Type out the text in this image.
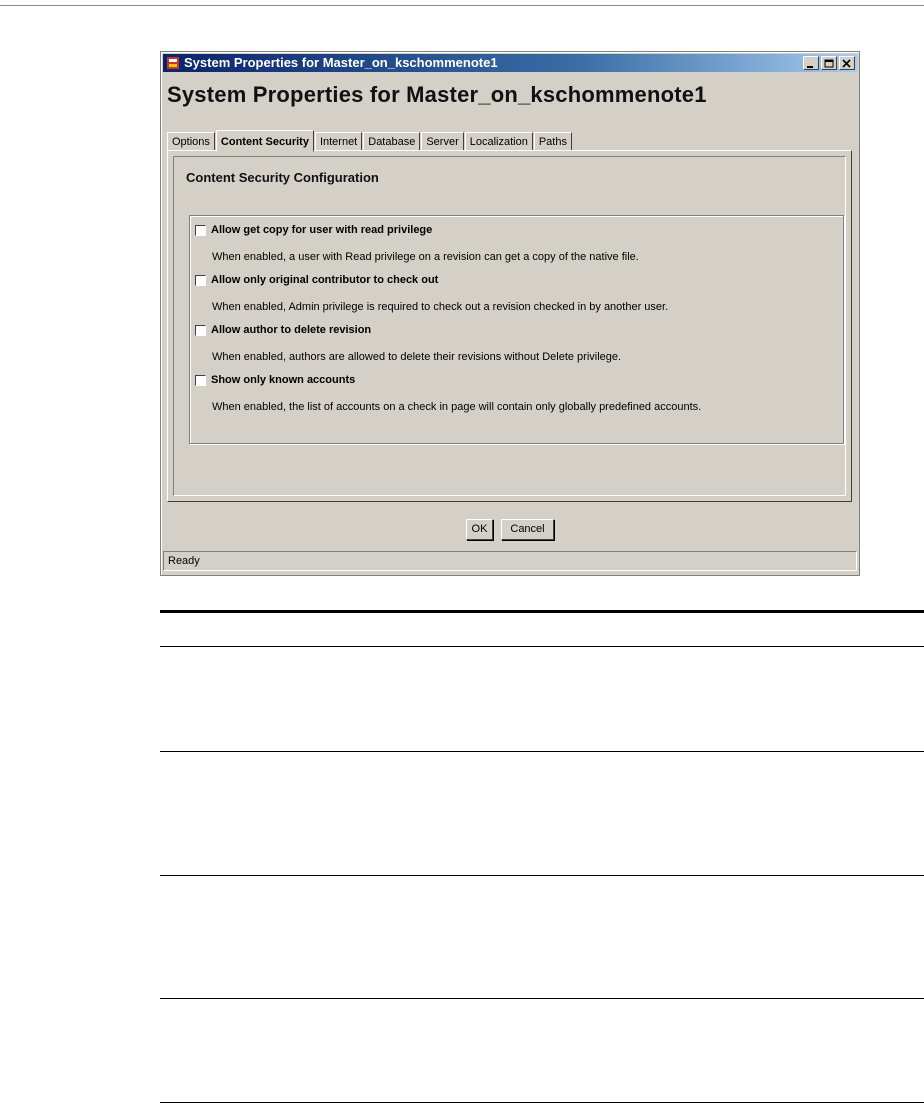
System Properties for Master_on_kschommenote1
System Properties for Master_on_kschommenote1
Options	Content Security	Internet	Database	Server	Localization	Paths
Content Security Configuration
Allow get copy for user with read privilege
When enabled, a user with Read privilege on a revision can get a copy of the native file.
Allow only original contributor to check out
When enabled, Admin privilege is required to check out a revision checked in by another user.
Allow author to delete revision
When enabled, authors are allowed to delete their revisions without Delete privilege.
Show only known accounts
When enabled, the list of accounts on a check in page will contain only globally predefined accounts.
OK	Cancel
Ready
